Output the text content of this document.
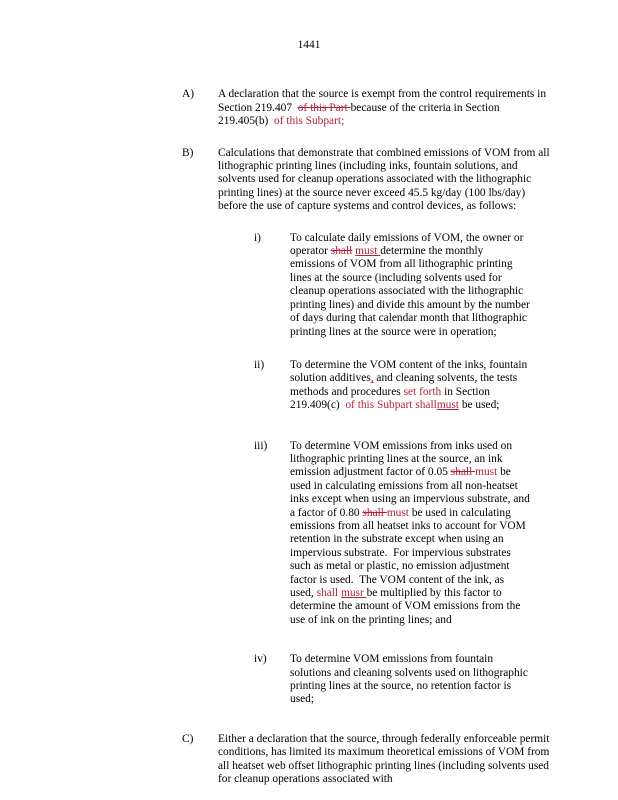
1441
A)	A declaration that the source is exempt from the control requirements in Section 219.407  of this Part because of the criteria in Section 219.405(b)  of this Subpart;
B)	Calculations that demonstrate that combined emissions of VOM from all lithographic printing lines (including inks, fountain solutions, and solvents used for cleanup operations associated with the lithographic printing lines) at the source never exceed 45.5 kg/day (100 lbs/day) before the use of capture systems and control devices, as follows:
i)	To calculate daily emissions of VOM, the owner or operator shall must determine the monthly emissions of VOM from all lithographic printing lines at the source (including solvents used for cleanup operations associated with the lithographic printing lines) and divide this amount by the number of days during that calendar month that lithographic printing lines at the source were in operation;
ii)	To determine the VOM content of the inks, fountain solution additives, and cleaning solvents, the tests methods and procedures set forth in Section 219.409(c)  of this Subpart shallmust be used;
iii)	To determine VOM emissions from inks used on lithographic printing lines at the source, an ink emission adjustment factor of 0.05 shall must be used in calculating emissions from all non-heatset inks except when using an impervious substrate, and a factor of 0.80 shall must be used in calculating emissions from all heatset inks to account for VOM retention in the substrate except when using an impervious substrate.  For impervious substrates such as metal or plastic, no emission adjustment factor is used.  The VOM content of the ink, as used, shall musr be multiplied by this factor to determine the amount of VOM emissions from the use of ink on the printing lines; and
iv)	To determine VOM emissions from fountain solutions and cleaning solvents used on lithographic printing lines at the source, no retention factor is used;
C)	Either a declaration that the source, through federally enforceable permit conditions, has limited its maximum theoretical emissions of VOM from all heatset web offset lithographic printing lines (including solvents used for cleanup operations associated with
